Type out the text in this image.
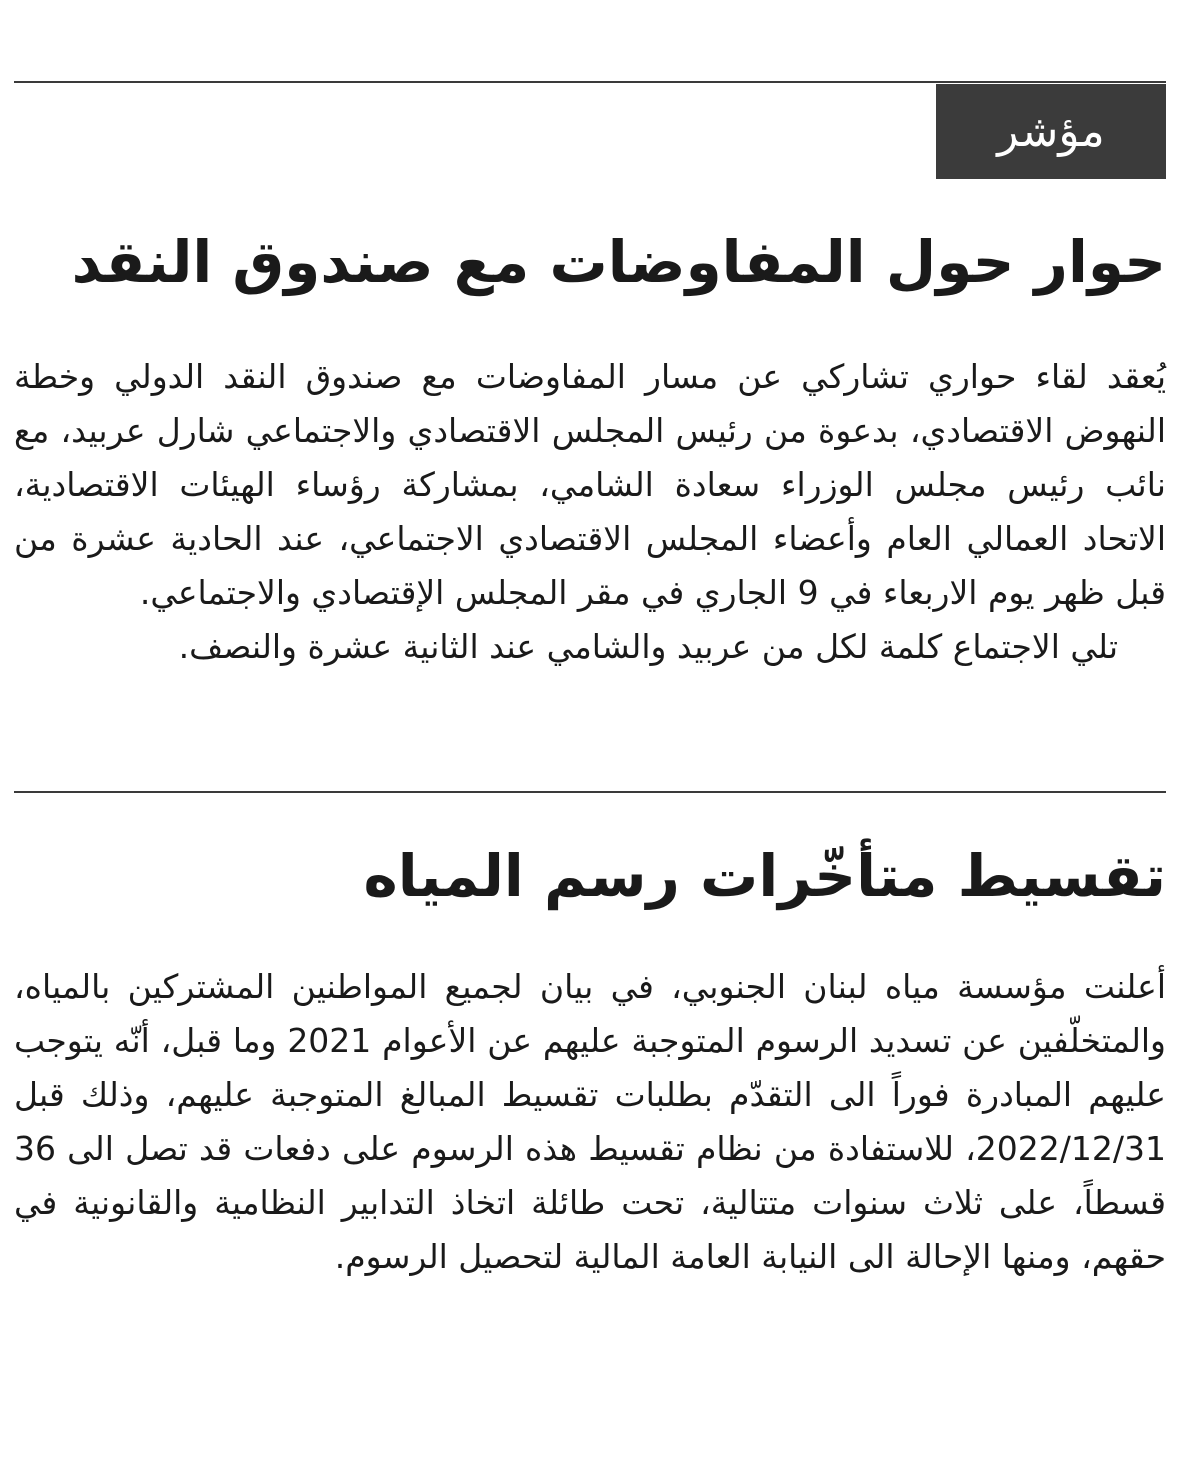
مؤشر
حوار حول المفاوضات مع صندوق النقد

يُعقد لقاء حواري تشاركي عن مسار المفاوضات مع صندوق النقد الدولي وخطة النهوض الاقتصادي، بدعوة من رئيس المجلس الاقتصادي والاجتماعي شارل عربيد، مع نائب رئيس مجلس الوزراء سعادة الشامي، بمشاركة رؤساء الهيئات الاقتصادية، الاتحاد العمالي العام وأعضاء المجلس الاقتصادي الاجتماعي، عند الحادية عشرة من قبل ظهر يوم الاربعاء في 9 الجاري في مقر المجلس الإقتصادي والاجتماعي.

تلي الاجتماع كلمة لكل من عربيد والشامي عند الثانية عشرة والنصف.

تقسيط متأخّرات رسم المياه

أعلنت مؤسسة مياه لبنان الجنوبي، في بيان لجميع المواطنين المشتركين بالمياه، والمتخلّفين عن تسديد الرسوم المتوجبة عليهم عن الأعوام 2021 وما قبل، أنّه يتوجب عليهم المبادرة فوراً الى التقدّم بطلبات تقسيط المبالغ المتوجبة عليهم، وذلك قبل 2022/12/31، للاستفادة من نظام تقسيط هذه الرسوم على دفعات قد تصل الى 36 قسطاً، على ثلاث سنوات متتالية، تحت طائلة اتخاذ التدابير النظامية والقانونية في حقهم، ومنها الإحالة الى النيابة العامة المالية لتحصيل الرسوم.
